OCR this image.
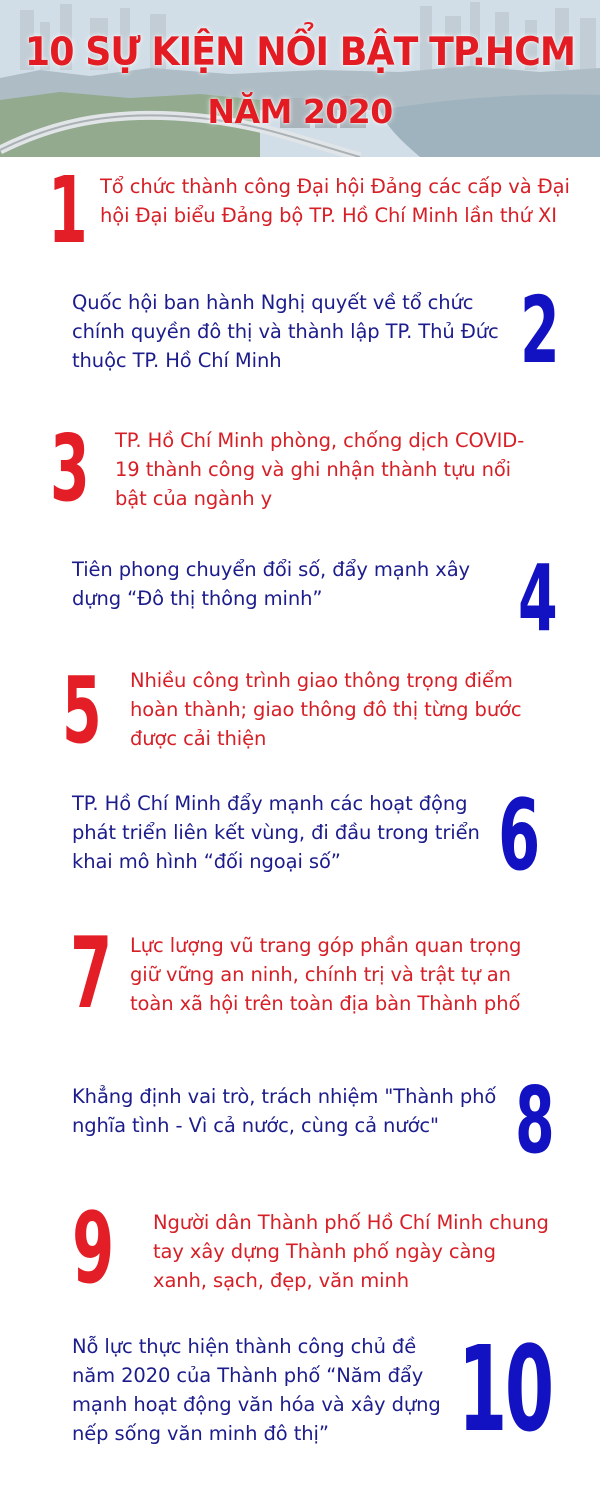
10 SỰ KIỆN NỔI BẬT TP.HCM
NĂM 2020
1 Tổ chức thành công Đại hội Đảng các cấp và Đại hội Đại biểu Đảng bộ TP. Hồ Chí Minh lần thứ XI
Quốc hội ban hành Nghị quyết về tổ chức chính quyền đô thị và thành lập TP. Thủ Đức thuộc TP. Hồ Chí Minh	2
3 TP. Hồ Chí Minh phòng, chống dịch COVID-19 thành công và ghi nhận thành tựu nổi bật của ngành y
Tiên phong chuyển đổi số, đẩy mạnh xây dựng “Đô thị thông minh”	4
5 Nhiều công trình giao thông trọng điểm hoàn thành; giao thông đô thị từng bước được cải thiện
TP. Hồ Chí Minh đẩy mạnh các hoạt động phát triển liên kết vùng, đi đầu trong triển khai mô hình “đối ngoại số”	6
7 Lực lượng vũ trang góp phần quan trọng giữ vững an ninh, chính trị và trật tự an toàn xã hội trên toàn địa bàn Thành phố
Khẳng định vai trò, trách nhiệm "Thành phố nghĩa tình - Vì cả nước, cùng cả nước" 8
9 Người dân Thành phố Hồ Chí Minh chung tay xây dựng Thành phố ngày càng xanh, sạch, đẹp, văn minh
Nỗ lực thực hiện thành công chủ đề năm 2020 của Thành phố “Năm đẩy mạnh hoạt động văn hóa và xây dựng nếp sống văn minh đô thị”	10
